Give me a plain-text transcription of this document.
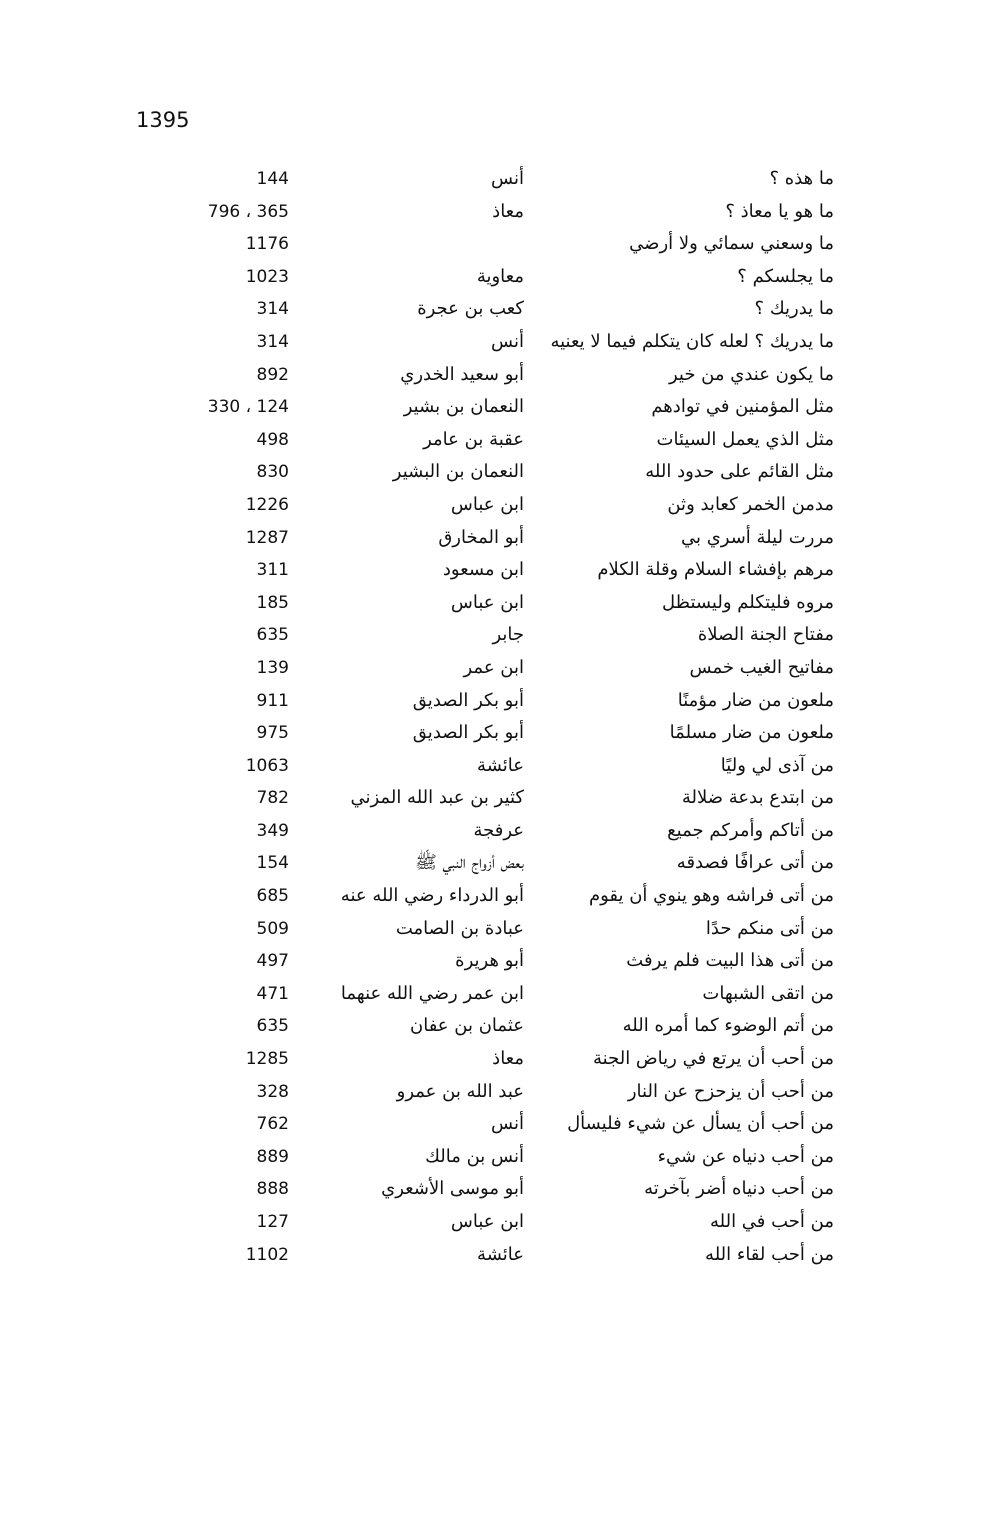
1395
ما هذه ؟
أنس
144
ما هو يا معاذ ؟
معاذ
365 ، 796
ما وسعني سمائي ولا أرضي
1176
ما يجلسكم ؟
معاوية
1023
ما يدريك ؟
كعب بن عجرة
314
ما يدريك ؟ لعله كان يتكلم فيما لا يعنيه
أنس
314
ما يكون عندي من خير
أبو سعيد الخدري
892
مثل المؤمنين في توادهم
النعمان بن بشير
124 ، 330
مثل الذي يعمل السيئات
عقبة بن عامر
498
مثل القائم على حدود الله
النعمان بن البشير
830
مدمن الخمر كعابد وثن
ابن عباس
1226
مررت ليلة أسري بي
أبو المخارق
1287
مرهم بإفشاء السلام وقلة الكلام
ابن مسعود
311
مروه فليتكلم وليستظل
ابن عباس
185
مفتاح الجنة الصلاة
جابر
635
مفاتيح الغيب خمس
ابن عمر
139
ملعون من ضار مؤمنًا
أبو بكر الصديق
911
ملعون من ضار مسلمًا
أبو بكر الصديق
975
من آذى لي وليًا
عائشة
1063
من ابتدع بدعة ضلالة
كثير بن عبد الله المزني
782
من أتاكم وأمركم جميع
عرفجة
349
من أتى عرافًا فصدقه
بعض أزواج النبي ﷺ
154
من أتى فراشه وهو ينوي أن يقوم
أبو الدرداء رضي الله عنه
685
من أتى منكم حدًا
عبادة بن الصامت
509
من أتى هذا البيت فلم يرفث
أبو هريرة
497
من اتقى الشبهات
ابن عمر رضي الله عنهما
471
من أتم الوضوء كما أمره الله
عثمان بن عفان
635
من أحب أن يرتع في رياض الجنة
معاذ
1285
من أحب أن يزحزح عن النار
عبد الله بن عمرو
328
من أحب أن يسأل عن شيء فليسأل
أنس
762
من أحب دنياه عن شيء
أنس بن مالك
889
من أحب دنياه أضر بآخرته
أبو موسى الأشعري
888
من أحب في الله
ابن عباس
127
من أحب لقاء الله
عائشة
1102
